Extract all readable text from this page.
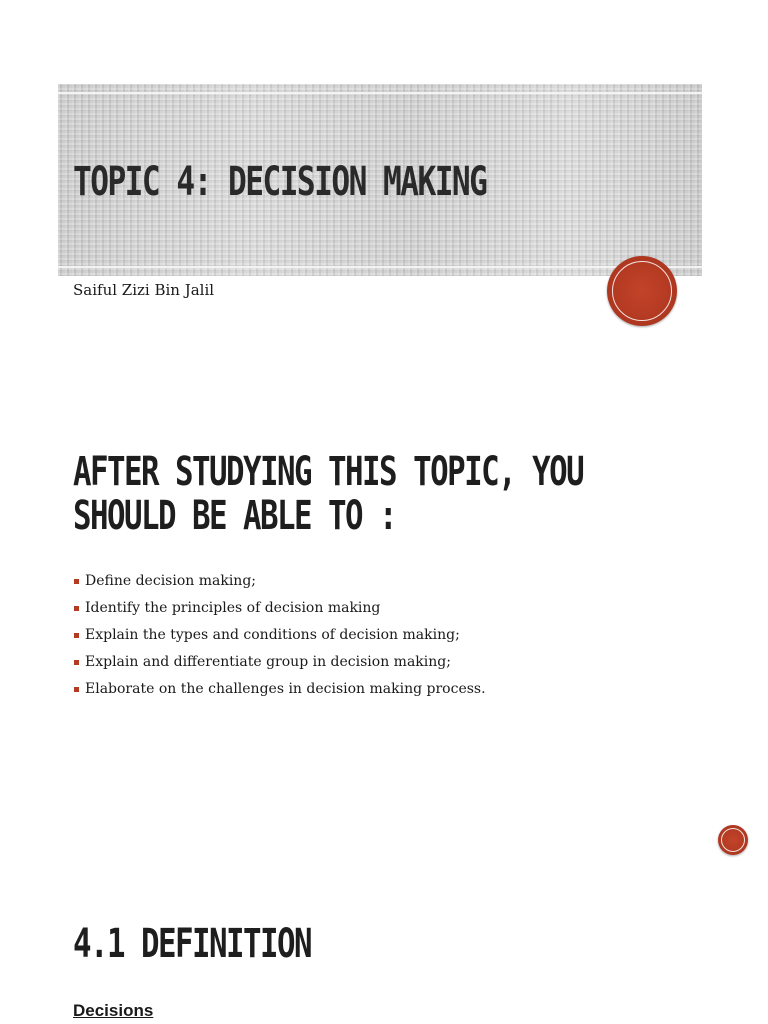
TOPIC 4: DECISION MAKING

Saiful Zizi Bin Jalil

AFTER STUDYING THIS TOPIC, YOU SHOULD BE ABLE TO :
Define decision making;
Identify the principles of decision making
Explain the types and conditions of decision making;
Explain and differentiate group in decision making;
Elaborate on the challenges in decision making process.
4.1 DEFINITION

Decisions
